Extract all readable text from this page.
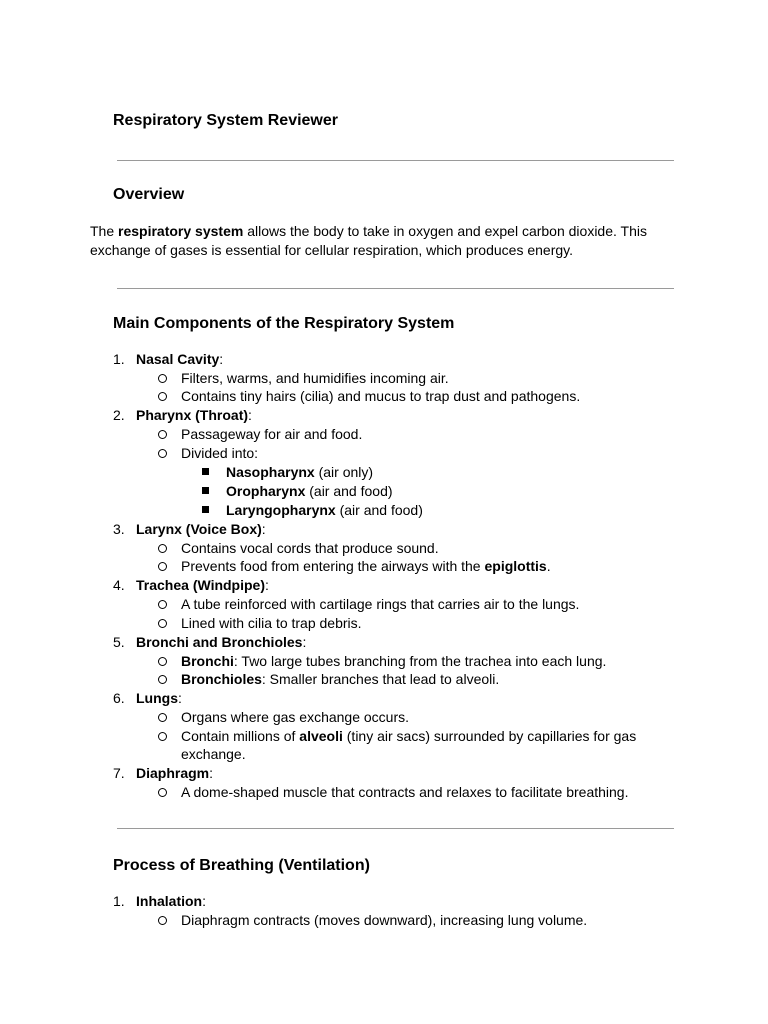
Respiratory System Reviewer
Overview
The respiratory system allows the body to take in oxygen and expel carbon dioxide. This exchange of gases is essential for cellular respiration, which produces energy.
Main Components of the Respiratory System
1. Nasal Cavity:
Filters, warms, and humidifies incoming air.
Contains tiny hairs (cilia) and mucus to trap dust and pathogens.
2. Pharynx (Throat):
Passageway for air and food.
Divided into:
Nasopharynx (air only)
Oropharynx (air and food)
Laryngopharynx (air and food)
3. Larynx (Voice Box):
Contains vocal cords that produce sound.
Prevents food from entering the airways with the epiglottis.
4. Trachea (Windpipe):
A tube reinforced with cartilage rings that carries air to the lungs.
Lined with cilia to trap debris.
5. Bronchi and Bronchioles:
Bronchi: Two large tubes branching from the trachea into each lung.
Bronchioles: Smaller branches that lead to alveoli.
6. Lungs:
Organs where gas exchange occurs.
Contain millions of alveoli (tiny air sacs) surrounded by capillaries for gas
exchange.
7. Diaphragm:
A dome-shaped muscle that contracts and relaxes to facilitate breathing.
Process of Breathing (Ventilation)
1. Inhalation:
Diaphragm contracts (moves downward), increasing lung volume.
